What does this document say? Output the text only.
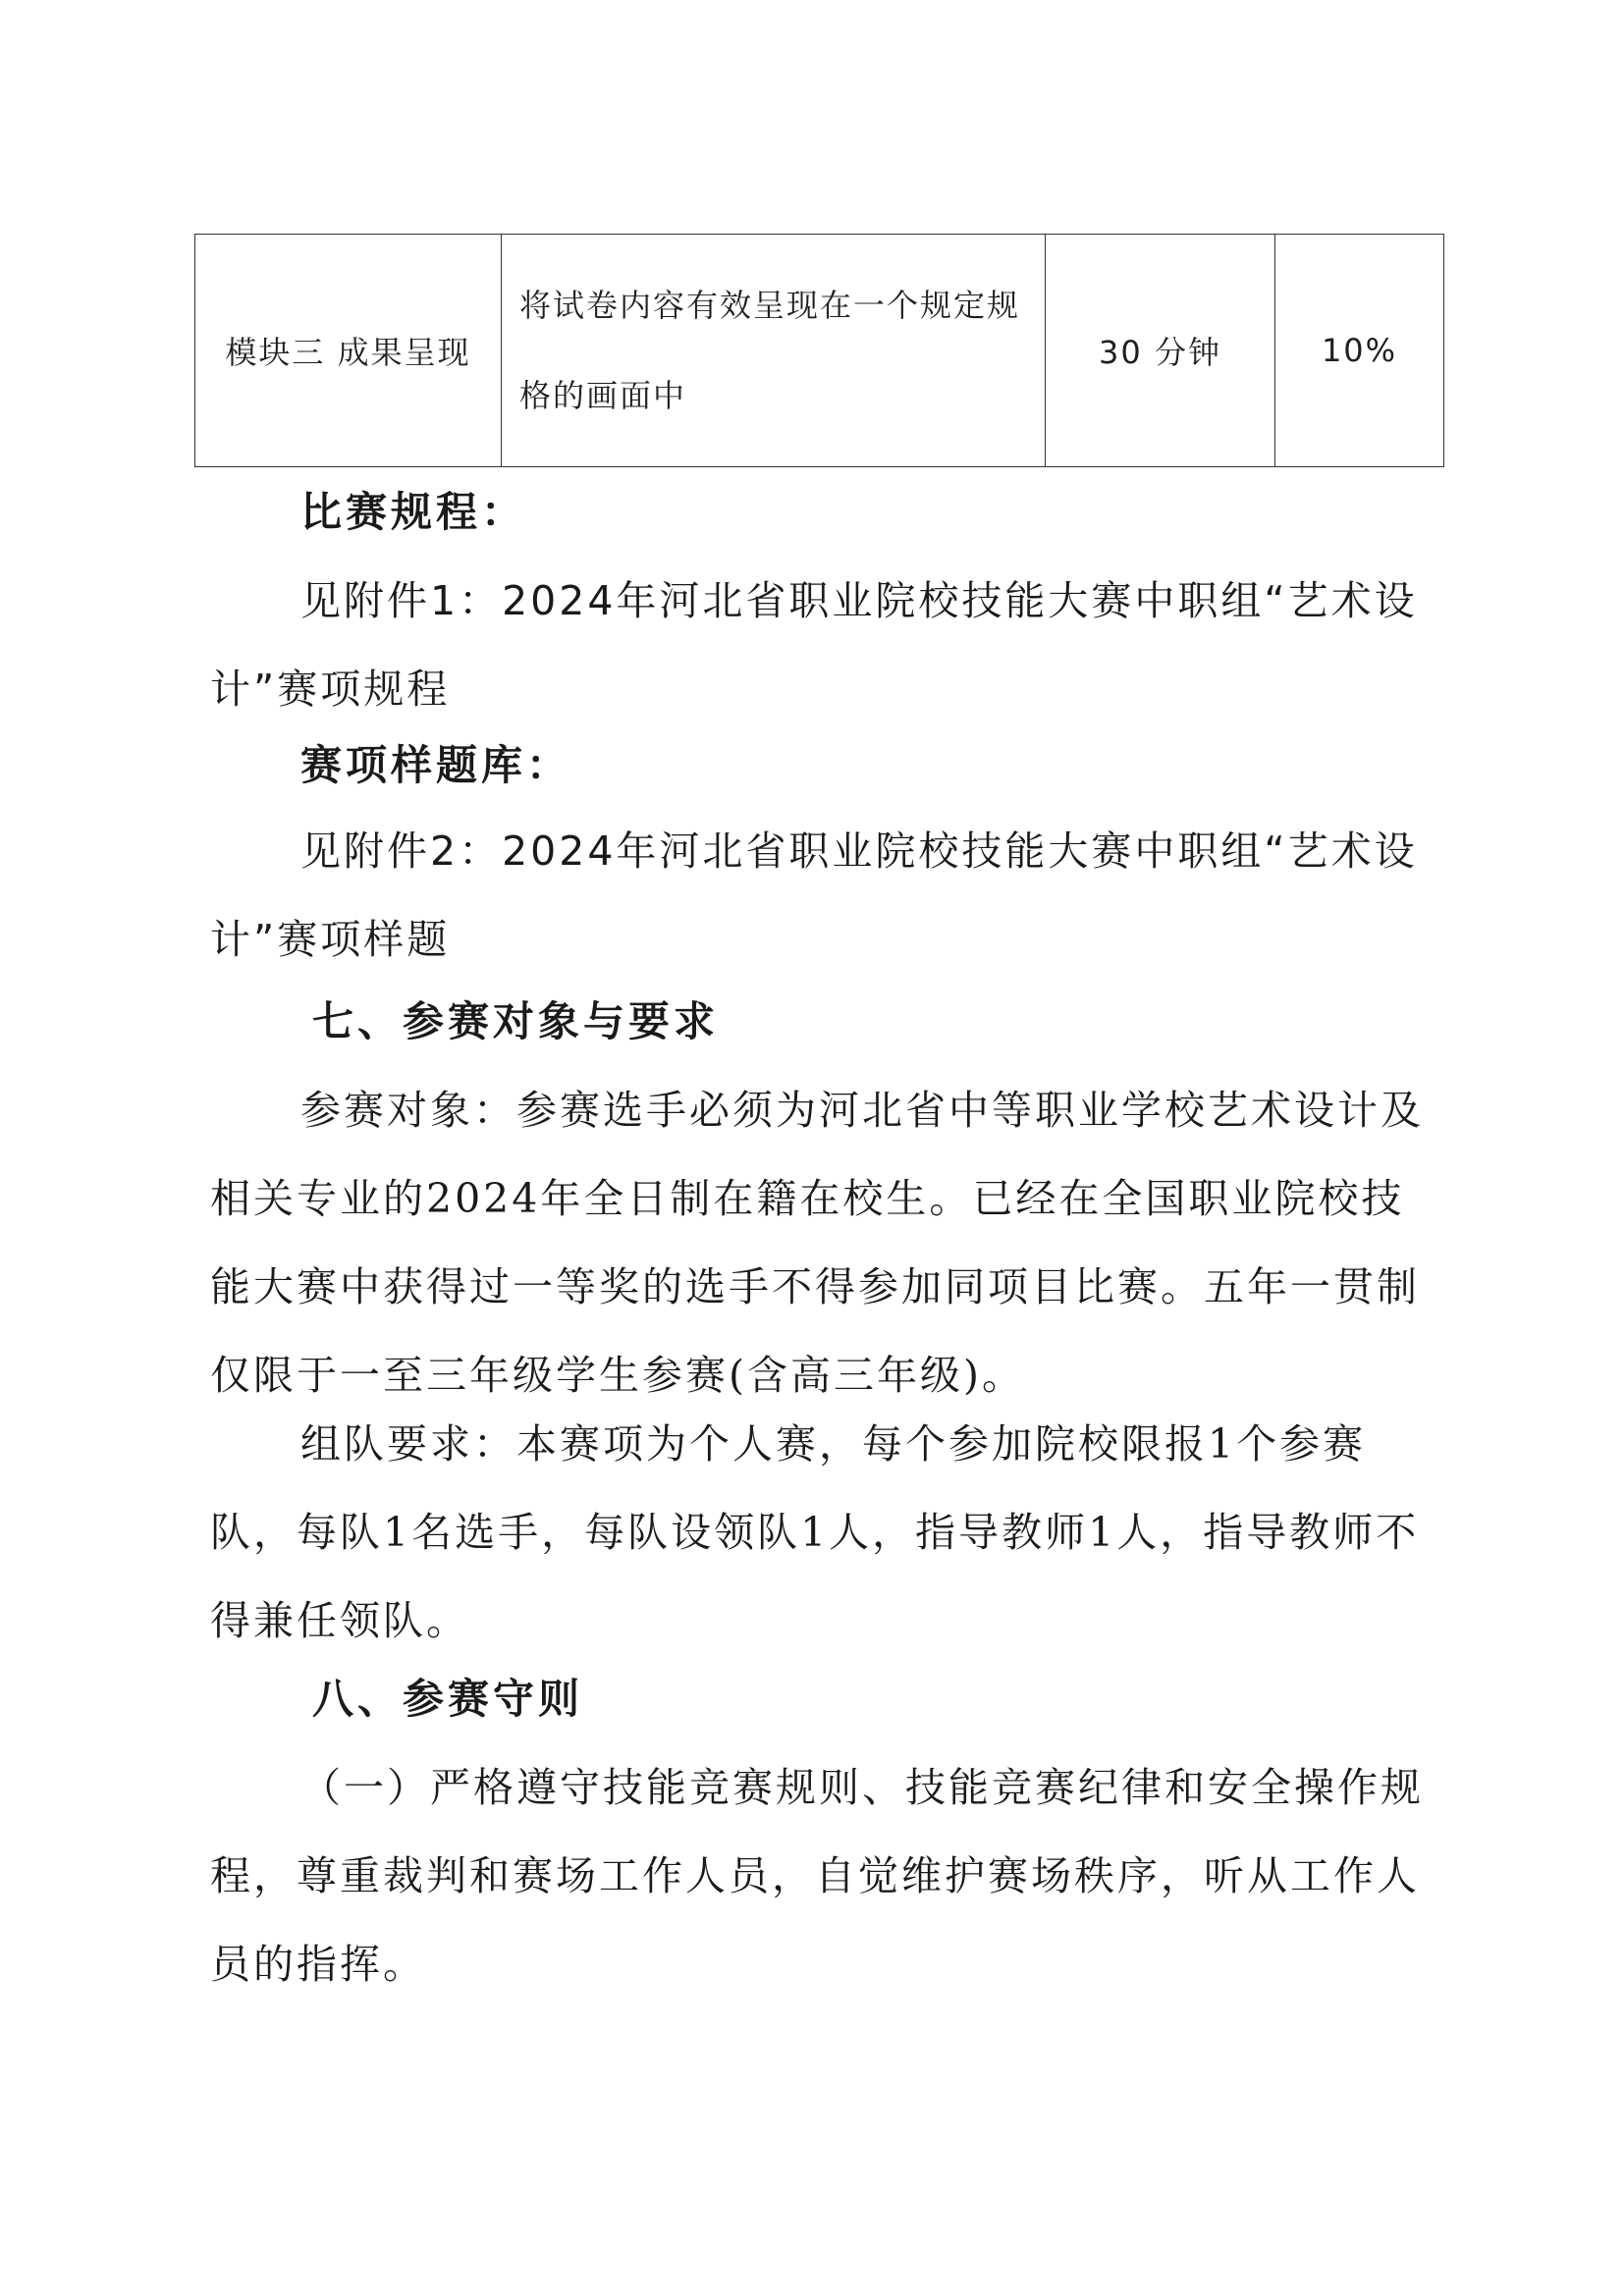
模块三 成果呈现	将试卷内容有效呈现在一个规定规格的画面中	30 分钟	10%

比赛规程：

见附件1：2024年河北省职业院校技能大赛中职组“艺术设计”赛项规程

赛项样题库：

见附件2：2024年河北省职业院校技能大赛中职组“艺术设计”赛项样题

七、参赛对象与要求

参赛对象：参赛选手必须为河北省中等职业学校艺术设计及相关专业的2024年全日制在籍在校生。已经在全国职业院校技能大赛中获得过一等奖的选手不得参加同项目比赛。五年一贯制仅限于一至三年级学生参赛(含高三年级)。

组队要求：本赛项为个人赛，每个参加院校限报1个参赛队，每队1名选手，每队设领队1人，指导教师1人，指导教师不得兼任领队。

八、参赛守则

（一）严格遵守技能竞赛规则、技能竞赛纪律和安全操作规程，尊重裁判和赛场工作人员，自觉维护赛场秩序，听从工作人员的指挥。
